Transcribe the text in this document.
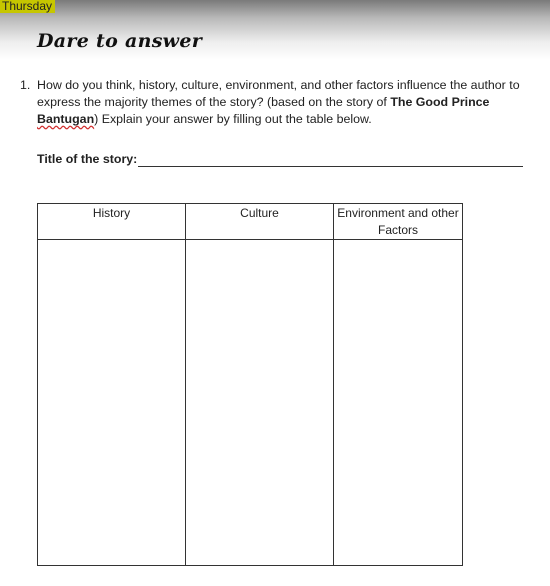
Thursday
Dare to answer
1. How do you think, history, culture, environment, and other factors influence the author to express the majority themes of the story? (based on the story of The Good Prince
Bantugan) Explain your answer by filling out the table below.
Title of the story:
History	Culture	Environment and other Factors
